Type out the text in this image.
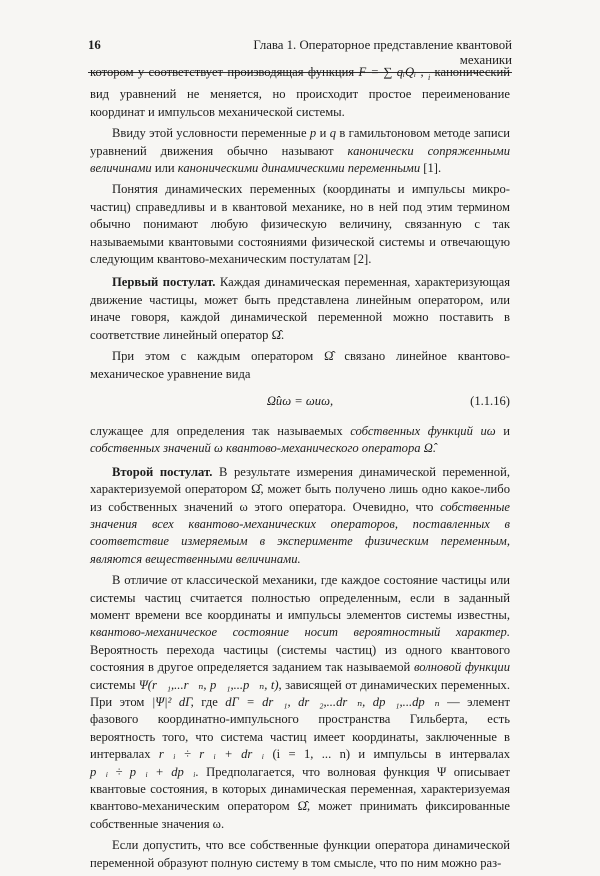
16	Глава 1. Операторное представление квантовой механики

котором у соответствует производящая функция F = ∑ qᵢQᵢ , $_i$ канонический вид уравнений не меняется, но происходит простое переименование координат и импульсов механической системы.

Ввиду этой условности переменные p и q в гамильтоновом методе записи уравнений движения обычно называют канонически сопряженными величинами или каноническими динамическими переменными [1].

Понятия динамических переменных (координаты и импульсы микро-частиц) справедливы и в квантовой механике, но в ней под этим термином обычно понимают любую физическую величину, связанную с так называемыми квантовыми состояниями физической системы и отвечающую следующим квантово-механическим постулатам [2].

Первый постулат. Каждая динамическая переменная, характеризующая движение частицы, может быть представлена линейным оператором, или иначе говоря, каждой динамической переменной можно поставить в соответствие линейный оператор Ω̂.

При этом с каждым оператором Ω̂ связано линейное квантово-механическое уравнение вида

Ω̂uω = ωuω,	(1.1.16)

служащее для определения так называемых собственных функций uω и собственных значений ω квантово-механического оператора Ω̂.

Второй постулат. В результате измерения динамической переменной, характеризуемой оператором Ω̂, может быть получено лишь одно какое-либо из собственных значений ω этого оператора. Очевидно, что собственные значения всех квантово-механических операторов, поставленных в соответствие измеряемым в эксперименте физическим переменным, являются вещественными величинами.

В отличие от классической механики, где каждое состояние частицы или системы частиц считается полностью определенным, если в заданный момент времени все координаты и импульсы элементов системы известны, квантово-механическое состояние носит вероятностный характер. Вероятность перехода частицы (системы частиц) из одного квантового состояния в другое определяется заданием так называемой волновой функции системы Ψ(r⃗₁,...r⃗ₙ, p⃗₁,...p⃗ₙ, t), зависящей от динамических переменных. При этом |Ψ|² dΓ, где dΓ = dr⃗₁, dr⃗₂,...dr⃗ₙ, dp⃗₁,...dp⃗ₙ — элемент фазового координатно-импульсного пространства Гильберта, есть вероятность того, что система частиц имеет координаты, заключенные в интервалах r⃗ᵢ ÷ r⃗ᵢ + dr⃗ᵢ (i = 1, ... n) и импульсы в интервалах p⃗ᵢ ÷ p⃗ᵢ + dp⃗ᵢ. Предполагается, что волновая функция Ψ описывает квантовые состояния, в которых динамическая переменная, характеризуемая квантово-механическим оператором Ω̂, может принимать фиксированные собственные значения ω.

Если допустить, что все собственные функции оператора динамической переменной образуют полную систему в том смысле, что по ним можно раз-
